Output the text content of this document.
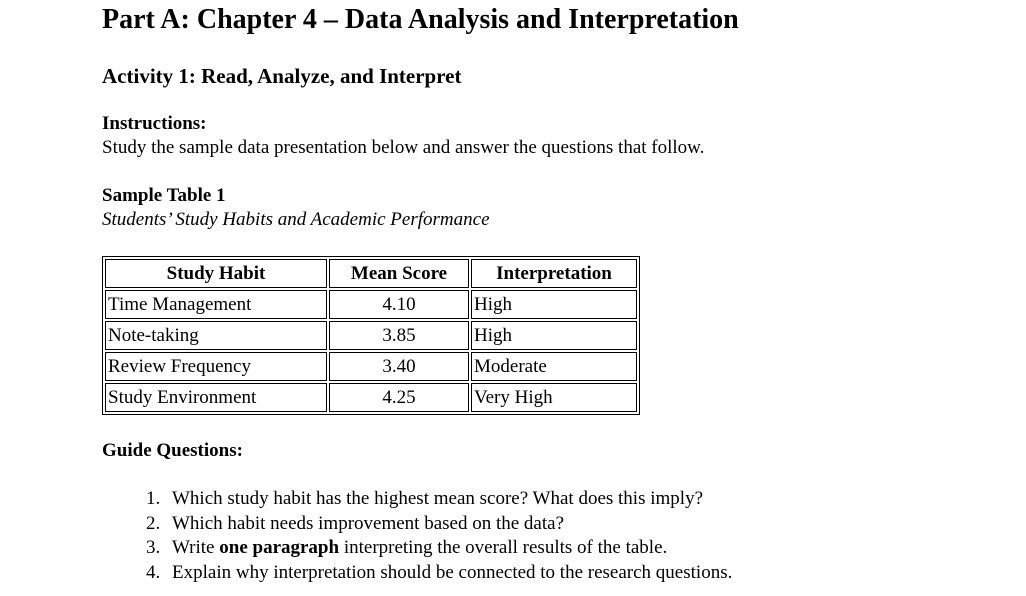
Part A: Chapter 4 – Data Analysis and Interpretation
Activity 1: Read, Analyze, and Interpret
Instructions:
Study the sample data presentation below and answer the questions that follow.
Sample Table 1
Students’ Study Habits and Academic Performance
Study Habit	Mean Score	Interpretation
Time Management	4.10	High
Note-taking	3.85	High
Review Frequency	3.40	Moderate
Study Environment	4.25	Very High
Guide Questions:
1. Which study habit has the highest mean score? What does this imply?
2. Which habit needs improvement based on the data?
3. Write one paragraph interpreting the overall results of the table.
4. Explain why interpretation should be connected to the research questions.
